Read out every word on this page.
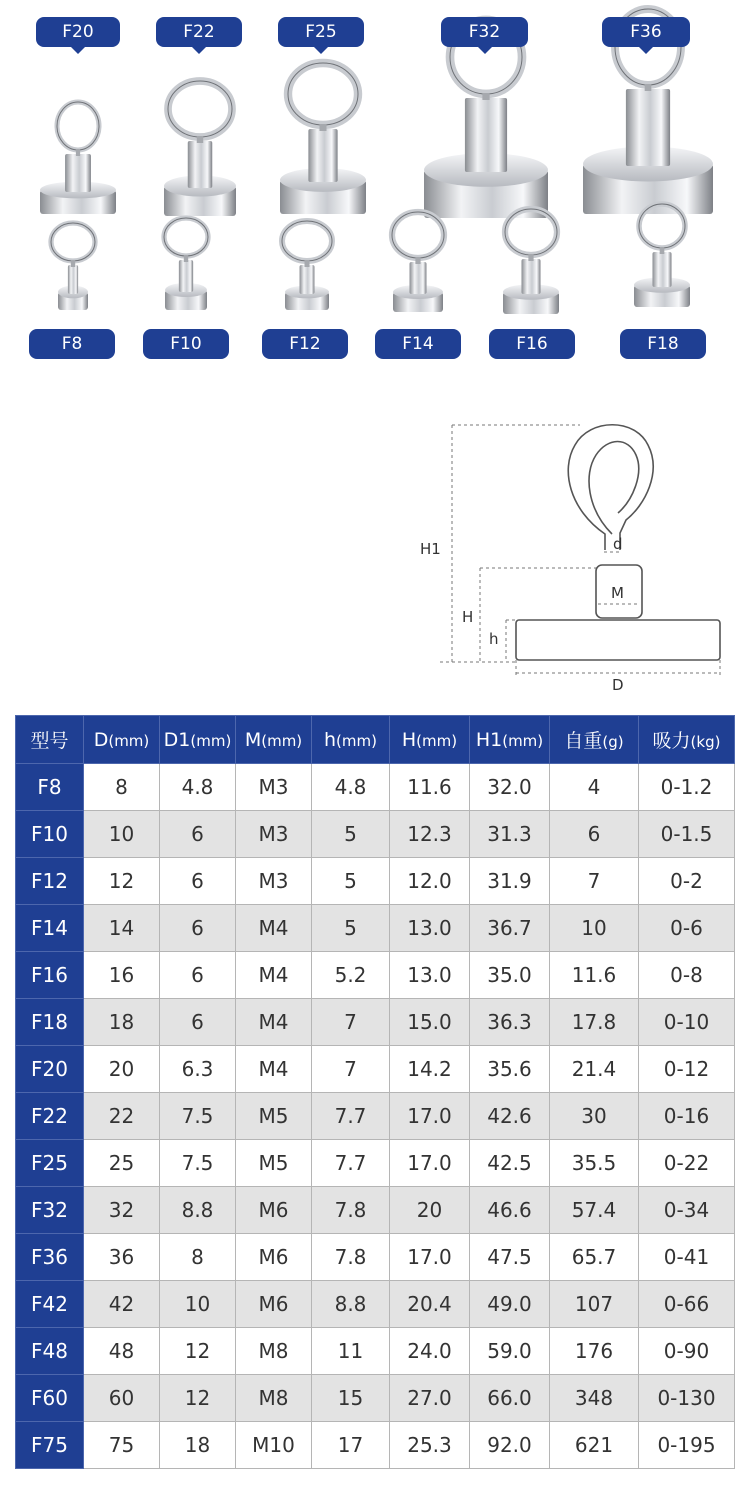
F20	F22	F25	F32	F36
F8	F10	F12	F14	F16	F18
H1
H
h
d
M
D
型号	D(mm)	D1(mm)	M(mm)	h(mm)	H(mm)	H1(mm)	自重(g)	吸力(kg)
F8	8	4.8	M3	4.8	11.6	32.0	4	0-1.2
F10	10	6	M3	5	12.3	31.3	6	0-1.5
F12	12	6	M3	5	12.0	31.9	7	0-2
F14	14	6	M4	5	13.0	36.7	10	0-6
F16	16	6	M4	5.2	13.0	35.0	11.6	0-8
F18	18	6	M4	7	15.0	36.3	17.8	0-10
F20	20	6.3	M4	7	14.2	35.6	21.4	0-12
F22	22	7.5	M5	7.7	17.0	42.6	30	0-16
F25	25	7.5	M5	7.7	17.0	42.5	35.5	0-22
F32	32	8.8	M6	7.8	20	46.6	57.4	0-34
F36	36	8	M6	7.8	17.0	47.5	65.7	0-41
F42	42	10	M6	8.8	20.4	49.0	107	0-66
F48	48	12	M8	11	24.0	59.0	176	0-90
F60	60	12	M8	15	27.0	66.0	348	0-130
F75	75	18	M10	17	25.3	92.0	621	0-195
